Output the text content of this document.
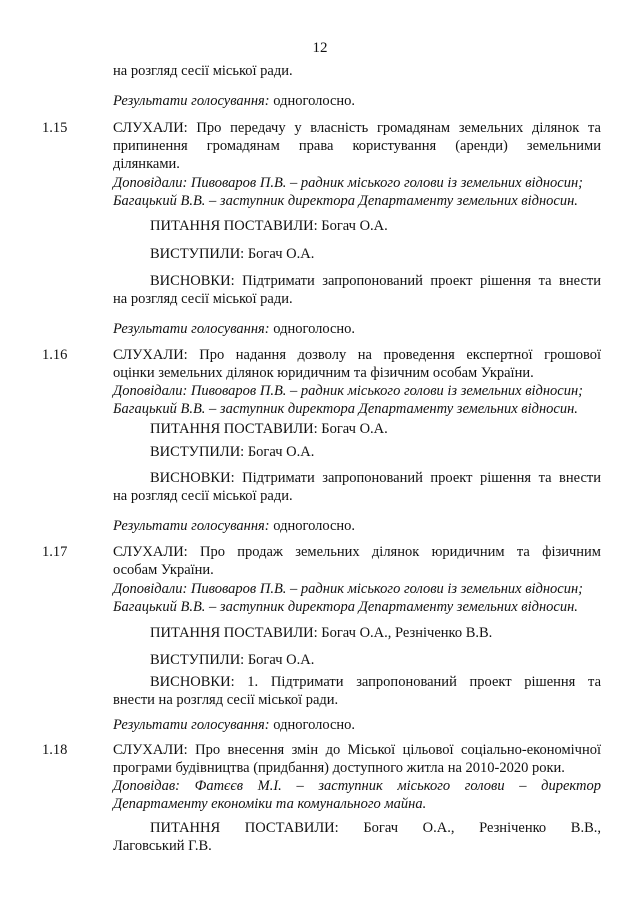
12
на розгляд сесії міської ради.
Результати голосування: одноголосно.
1.15	СЛУХАЛИ: Про передачу у власність громадянам земельних ділянок та
припинення громадянам права користування (аренди) земельними
ділянками.
Доповідали: Пивоваров П.В. – радник міського голови із земельних відносин;
Багацький В.В. – заступник директора Департаменту земельних відносин.
ПИТАННЯ ПОСТАВИЛИ: Богач О.А.
ВИСТУПИЛИ: Богач О.А.
ВИСНОВКИ: Підтримати запропонований проект рішення та внести
на розгляд сесії міської ради.
Результати голосування: одноголосно.
1.16	СЛУХАЛИ: Про надання дозволу на проведення експертної грошової
оцінки земельних ділянок юридичним та фізичним особам України.
Доповідали: Пивоваров П.В. – радник міського голови із земельних відносин;
Багацький В.В. – заступник директора Департаменту земельних відносин.
ПИТАННЯ ПОСТАВИЛИ: Богач О.А.
ВИСТУПИЛИ: Богач О.А.
ВИСНОВКИ: Підтримати запропонований проект рішення та внести
на розгляд сесії міської ради.
Результати голосування: одноголосно.
1.17	СЛУХАЛИ: Про продаж земельних ділянок юридичним та фізичним
особам України.
Доповідали: Пивоваров П.В. – радник міського голови із земельних відносин;
Багацький В.В. – заступник директора Департаменту земельних відносин.
ПИТАННЯ ПОСТАВИЛИ: Богач О.А., Резніченко В.В.
ВИСТУПИЛИ: Богач О.А.
ВИСНОВКИ: 1. Підтримати запропонований проект рішення та
внести на розгляд сесії міської ради.
Результати голосування: одноголосно.
1.18	СЛУХАЛИ: Про внесення змін до Міської цільової соціально-економічної
програми будівництва (придбання) доступного житла на 2010-2020 роки.
Доповідав: Фатєєв М.І. – заступник міського голови – директор
Департаменту економіки та комунального майна.
ПИТАННЯ ПОСТАВИЛИ: Богач О.А., Резніченко В.В.,
Лаговський Г.В.
